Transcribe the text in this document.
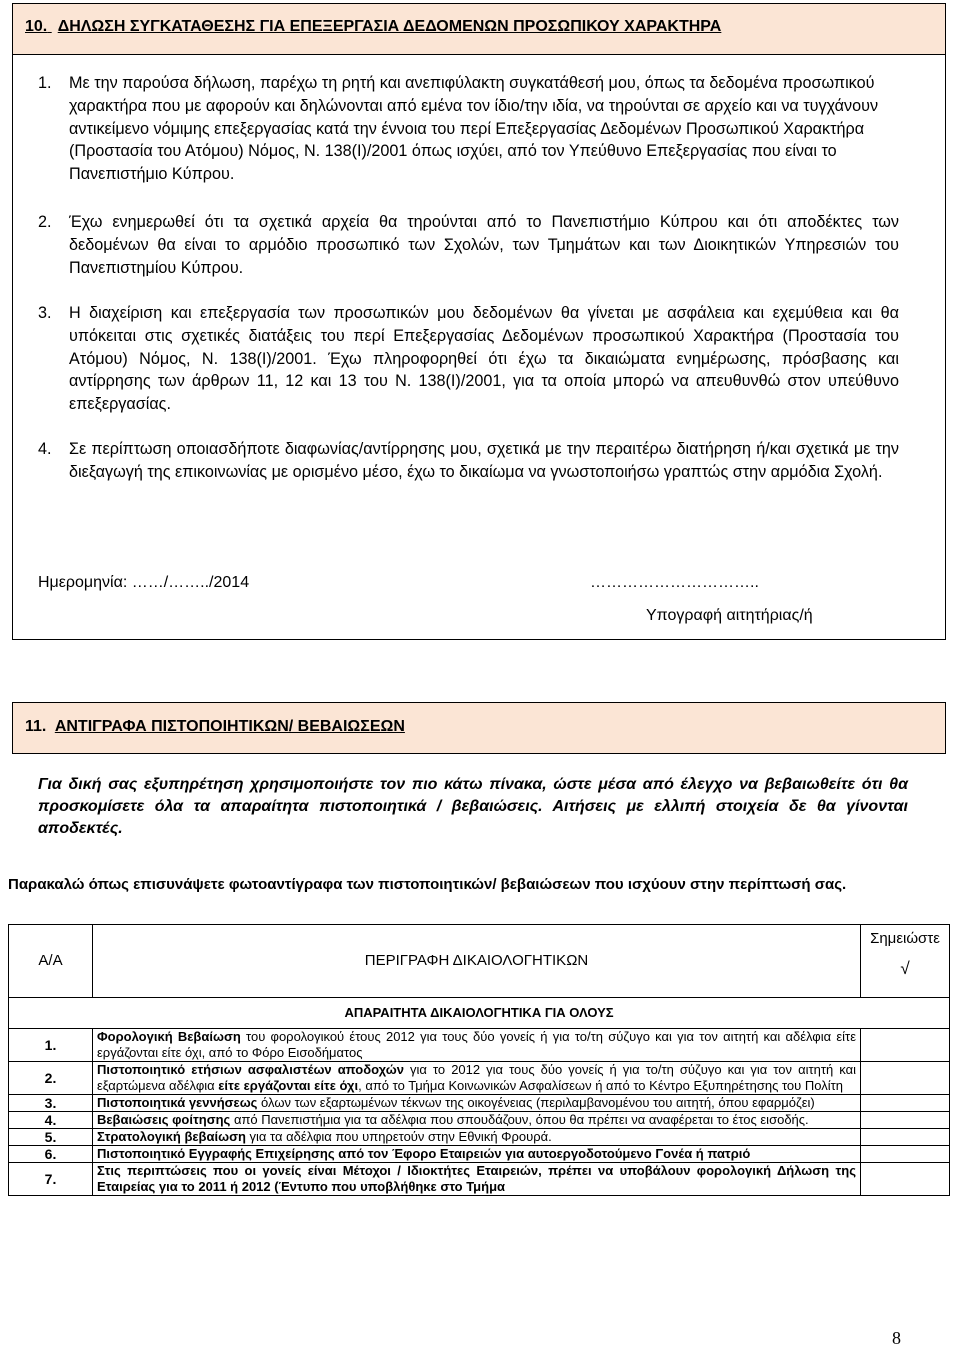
10. ΔΗΛΩΣΗ ΣΥΓΚΑΤΑΘΕΣΗΣ ΓΙΑ ΕΠΕΞΕΡΓΑΣΙΑ ΔΕΔΟΜΕΝΩΝ ΠΡΟΣΩΠΙΚΟΥ ΧΑΡΑΚΤΗΡΑ
1. Με την παρούσα δήλωση, παρέχω τη ρητή και ανεπιφύλακτη συγκατάθεσή μου, όπως τα δεδομένα προσωπικού χαρακτήρα που με αφορούν και δηλώνονται από εμένα τον ίδιο/την ιδία, να τηρούνται σε αρχείο και να τυγχάνουν αντικείμενο νόμιμης επεξεργασίας κατά την έννοια του περί Επεξεργασίας Δεδομένων Προσωπικού Χαρακτήρα (Προστασία του Ατόμου) Νόμος, Ν. 138(Ι)/2001 όπως ισχύει, από τον Υπεύθυνο Επεξεργασίας που είναι το Πανεπιστήμιο Κύπρου.
2. Έχω ενημερωθεί ότι τα σχετικά αρχεία θα τηρούνται από το Πανεπιστήμιο Κύπρου και ότι αποδέκτες των δεδομένων θα είναι το αρμόδιο προσωπικό των Σχολών, των Τμημάτων και των Διοικητικών Υπηρεσιών του Πανεπιστημίου Κύπρου.
3. Η διαχείριση και επεξεργασία των προσωπικών μου δεδομένων θα γίνεται με ασφάλεια και εχεμύθεια και θα υπόκειται στις σχετικές διατάξεις του περί Επεξεργασίας Δεδομένων προσωπικού Χαρακτήρα (Προστασία του Ατόμου) Νόμος, Ν. 138(Ι)/2001. Έχω πληροφορηθεί ότι έχω τα δικαιώματα ενημέρωσης, πρόσβασης και αντίρρησης των άρθρων 11, 12 και 13 του Ν. 138(Ι)/2001, για τα οποία μπορώ να απευθυνθώ στον υπεύθυνο επεξεργασίας.
4. Σε περίπτωση οποιασδήποτε διαφωνίας/αντίρρησης μου, σχετικά με την περαιτέρω διατήρηση ή/και σχετικά με την διεξαγωγή της επικοινωνίας με ορισμένο μέσο, έχω το δικαίωμα να γνωστοποιήσω γραπτώς στην αρμόδια Σχολή.
Ημερομηνία: ……/……../2014	…………………………..
Υπογραφή αιτητήριας/ή
11. ΑΝΤΙΓΡΑΦΑ ΠΙΣΤΟΠΟΙΗΤΙΚΩΝ/ ΒΕΒΑΙΩΣΕΩΝ
Για δική σας εξυπηρέτηση χρησιμοποιήστε τον πιο κάτω πίνακα, ώστε μέσα από έλεγχο να βεβαιωθείτε ότι θα προσκομίσετε όλα τα απαραίτητα πιστοποιητικά / βεβαιώσεις. Αιτήσεις με ελλιπή στοιχεία δε θα γίνονται αποδεκτές.
Παρακαλώ όπως επισυνάψετε φωτοαντίγραφα των πιστοποιητικών/ βεβαιώσεων που ισχύουν στην περίπτωσή σας.
Α/Α	ΠΕΡΙΓΡΑΦΗ ΔΙΚΑΙΟΛΟΓΗΤΙΚΩΝ	Σημειώστε
√

ΑΠΑΡΑΙΤΗΤΑ ΔΙΚΑΙΟΛΟΓΗΤΙΚΑ ΓΙΑ ΟΛΟΥΣ		
1.	Φορολογική Βεβαίωση του φορολογικού έτους 2012 για τους δύο γονείς ή για το/τη σύζυγο και για τον αιτητή και αδέλφια είτε εργάζονται είτε όχι, από το Φόρο Εισοδήματος	
2.	Πιστοποιητικό ετήσιων ασφαλιστέων αποδοχών για το 2012 για τους δύο γονείς ή για το/τη σύζυγο και για τον αιτητή και εξαρτώμενα αδέλφια είτε εργάζονται είτε όχι, από το Τμήμα Κοινωνικών Ασφαλίσεων ή από το Κέντρο Εξυπηρέτησης του Πολίτη	
3.	Πιστοποιητικά γεννήσεως όλων των εξαρτωμένων τέκνων της οικογένειας (περιλαμβανομένου του αιτητή, όπου εφαρμόζει)	
4.	Βεβαιώσεις φοίτησης από Πανεπιστήμια για τα αδέλφια που σπουδάζουν, όπου θα πρέπει να αναφέρεται το έτος εισοδής.	
5.	Στρατολογική βεβαίωση για τα αδέλφια που υπηρετούν στην Εθνική Φρουρά.	
6.	Πιστοποιητικό Εγγραφής Επιχείρησης από τον Έφορο Εταιρειών για αυτοεργοδοτούμενο Γονέα ή πατριό	
7.	Στις περιπτώσεις που οι γονείς είναι Μέτοχοι / Ιδιοκτήτες Εταιρειών, πρέπει να υποβάλουν φορολογική Δήλωση της Εταιρείας για το 2011 ή 2012 (Έντυπο που υποβλήθηκε στο Τμήμα	
8
